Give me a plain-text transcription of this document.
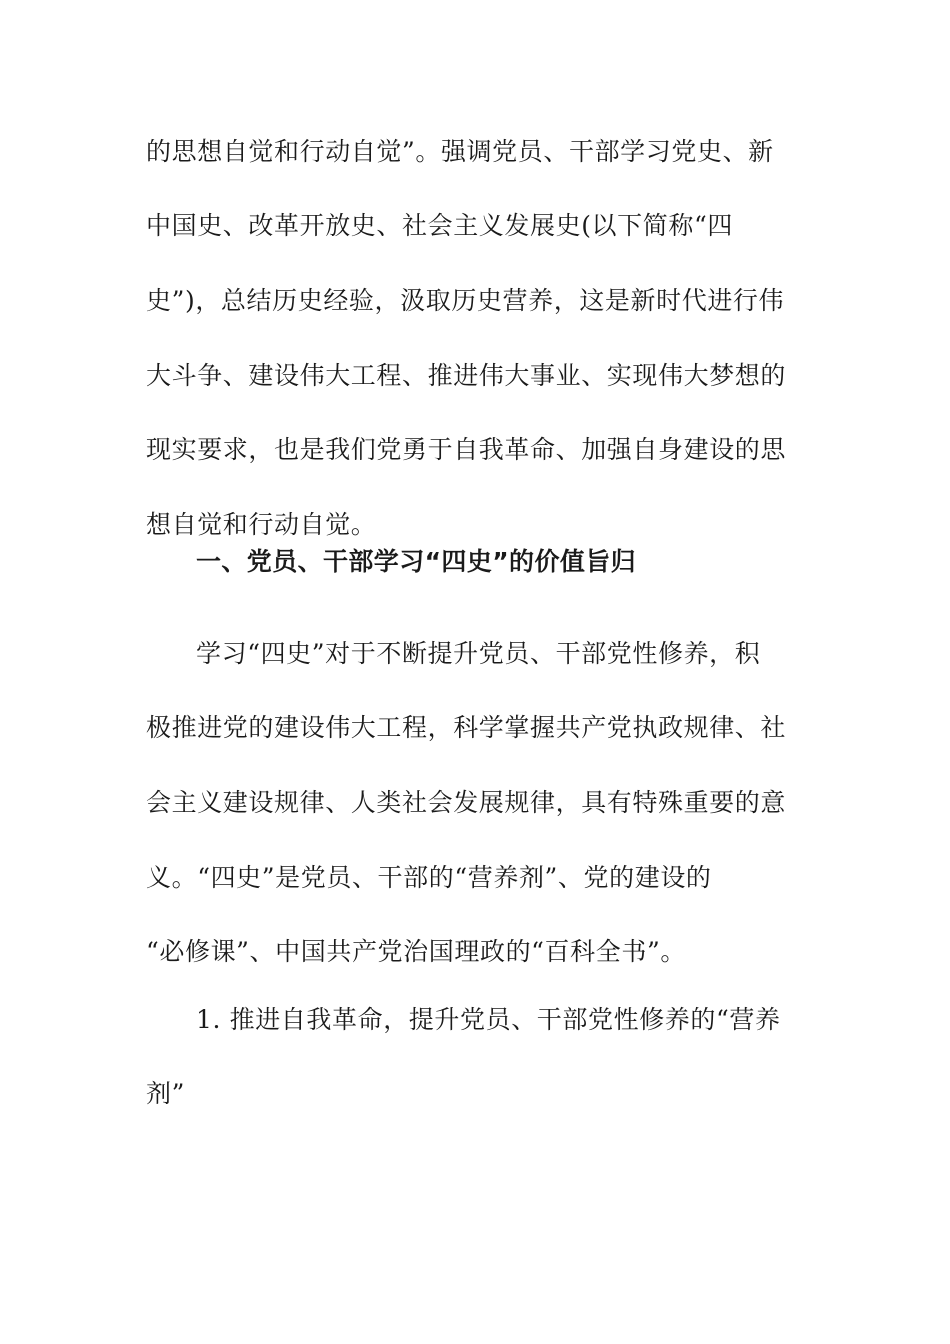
的思想自觉和行动自觉”。强调党员、干部学习党史、新
中国史、改革开放史、社会主义发展史(以下简称“四
史”)，总结历史经验，汲取历史营养，这是新时代进行伟
大斗争、建设伟大工程、推进伟大事业、实现伟大梦想的
现实要求，也是我们党勇于自我革命、加强自身建设的思
想自觉和行动自觉。
一、党员、干部学习“四史”的价值旨归
学习“四史”对于不断提升党员、干部党性修养，积
极推进党的建设伟大工程，科学掌握共产党执政规律、社
会主义建设规律、人类社会发展规律，具有特殊重要的意
义。“四史”是党员、干部的“营养剂”、党的建设的
“必修课”、中国共产党治国理政的“百科全书”。
1. 推进自我革命，提升党员、干部党性修养的“营养
剂”
